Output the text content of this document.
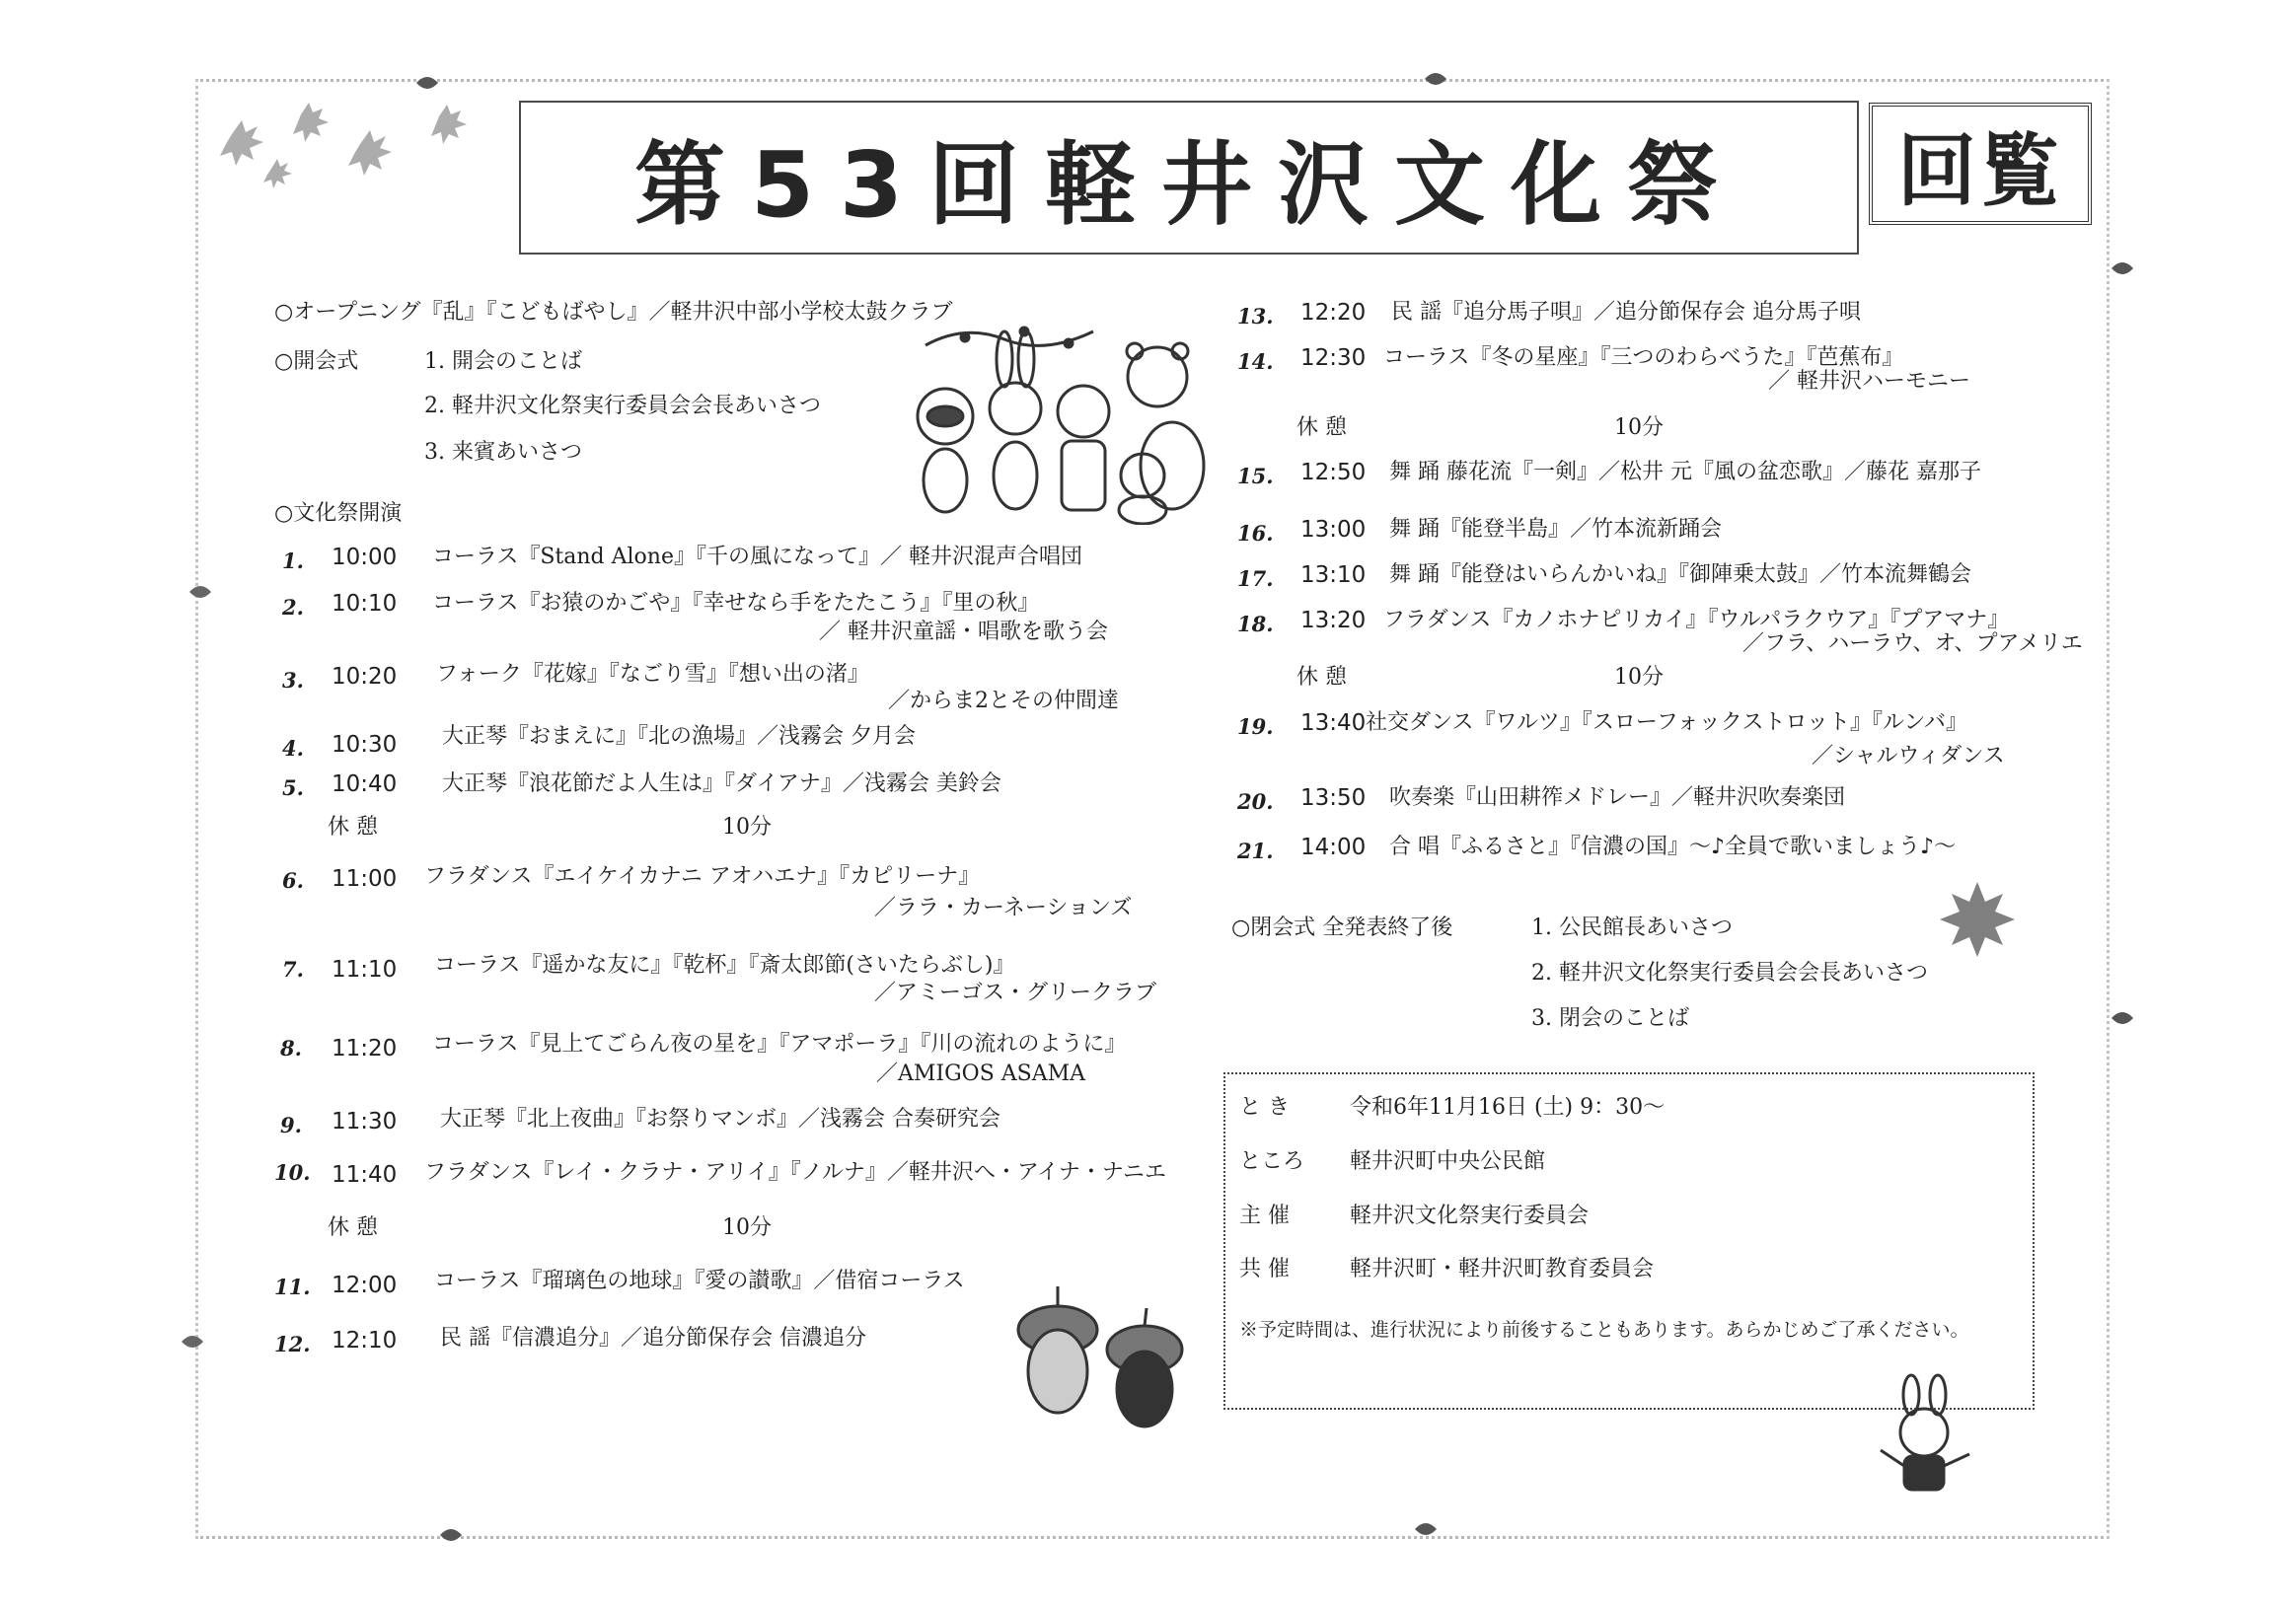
第53回軽井沢文化祭	回覧
○オープニング『乱』『こどもばやし』／軽井沢中部小学校太鼓クラブ
○開会式	1. 開会のことば
2. 軽井沢文化祭実行委員会会長あいさつ
3. 来賓あいさつ
○文化祭開演
1. 10:00 コーラス『Stand Alone』『千の風になって』／ 軽井沢混声合唱団
2. 10:10 コーラス『お猿のかごや』『幸せなら手をたたこう』『里の秋』
／ 軽井沢童謡・唱歌を歌う会
3. 10:20 フォーク『花嫁』『なごり雪』『想い出の渚』
／からま2とその仲間達
4. 10:30 大正琴『おまえに』『北の漁場』／浅霧会 夕月会
5. 10:40 大正琴『浪花節だよ人生は』『ダイアナ』／浅霧会 美鈴会
休 憩	10分
6. 11:00 フラダンス『エイケイカナニ アオハエナ』『カピリーナ』
／ララ・カーネーションズ
7. 11:10 コーラス『遥かな友に』『乾杯』『斎太郎節(さいたらぶし)』
／アミーゴス・グリークラブ
8. 11:20 コーラス『見上てごらん夜の星を』『アマポーラ』『川の流れのように』
／AMIGOS ASAMA
9. 11:30 大正琴『北上夜曲』『お祭りマンボ』／浅霧会 合奏研究会
10. 11:40 フラダンス『レイ・クラナ・アリイ』『ノルナ』／軽井沢へ・アイナ・ナニエ
休 憩	10分
11. 12:00 コーラス『瑠璃色の地球』『愛の讃歌』／借宿コーラス
12. 12:10 民 謡『信濃追分』／追分節保存会 信濃追分
13. 12:20 民 謡『追分馬子唄』／追分節保存会 追分馬子唄
14. 12:30 コーラス『冬の星座』『三つのわらべうた』『芭蕉布』
／ 軽井沢ハーモニー
休 憩	10分
15. 12:50 舞 踊 藤花流『一剣』／松井 元『風の盆恋歌』／藤花 嘉那子
16. 13:00 舞 踊『能登半島』／竹本流新踊会
17. 13:10 舞 踊『能登はいらんかいね』『御陣乗太鼓』／竹本流舞鶴会
18. 13:20 フラダンス『カノホナピリカイ』『ウルパラクウア』『プアマナ』
／フラ、ハーラウ、オ、プアメリエ
休 憩	10分
19. 13:40 社交ダンス『ワルツ』『スローフォックストロット』『ルンバ』
／シャルウィダンス
20. 13:50 吹奏楽『山田耕筰メドレー』／軽井沢吹奏楽団
21. 14:00 合 唱『ふるさと』『信濃の国』～♪全員で歌いましょう♪～
○閉会式 全発表終了後	1. 公民館長あいさつ
2. 軽井沢文化祭実行委員会会長あいさつ
3. 閉会のことば
と き	令和6年11月16日 (土) 9：30～
ところ 軽井沢町中央公民館
主 催	軽井沢文化祭実行委員会
共 催	軽井沢町・軽井沢町教育委員会
※予定時間は、進行状況により前後することもあります。あらかじめご了承ください。
